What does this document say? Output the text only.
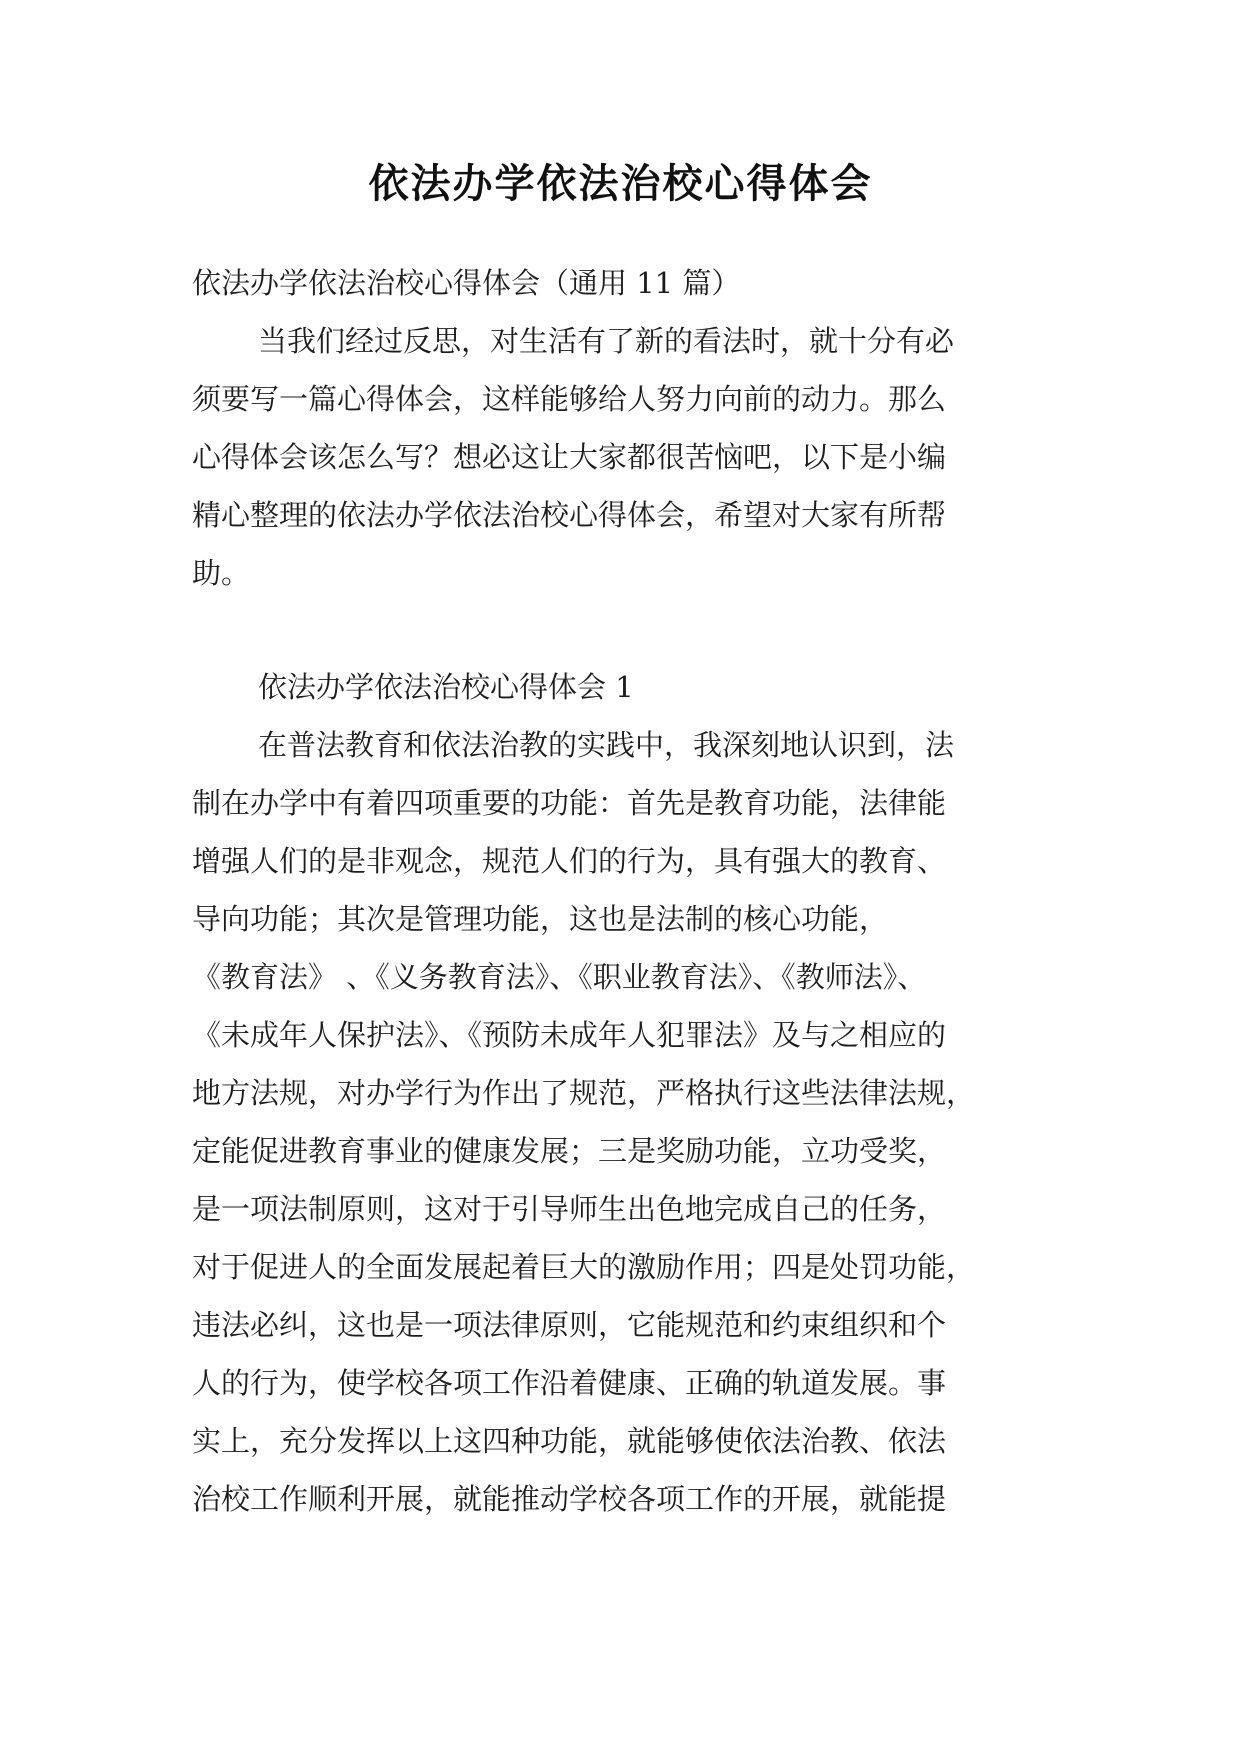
依法办学依法治校心得体会
依法办学依法治校心得体会（通用 11 篇）
当我们经过反思，对生活有了新的看法时，就十分有必
须要写一篇心得体会，这样能够给人努力向前的动力。那么
心得体会该怎么写？想必这让大家都很苦恼吧，以下是小编
精心整理的依法办学依法治校心得体会，希望对大家有所帮
助。
依法办学依法治校心得体会 1
在普法教育和依法治教的实践中，我深刻地认识到，法
制在办学中有着四项重要的功能：首先是教育功能，法律能
增强人们的是非观念，规范人们的行为，具有强大的教育、
导向功能；其次是管理功能，这也是法制的核心功能，
《教育法》 、《义务教育法》、《职业教育法》、《教师法》、
《未成年人保护法》、《预防未成年人犯罪法》及与之相应的
地方法规，对办学行为作出了规范，严格执行这些法律法规，
定能促进教育事业的健康发展；三是奖励功能，立功受奖，
是一项法制原则，这对于引导师生出色地完成自己的任务，
对于促进人的全面发展起着巨大的激励作用；四是处罚功能，
违法必纠，这也是一项法律原则，它能规范和约束组织和个
人的行为，使学校各项工作沿着健康、正确的轨道发展。事
实上，充分发挥以上这四种功能，就能够使依法治教、依法
治校工作顺利开展，就能推动学校各项工作的开展，就能提
